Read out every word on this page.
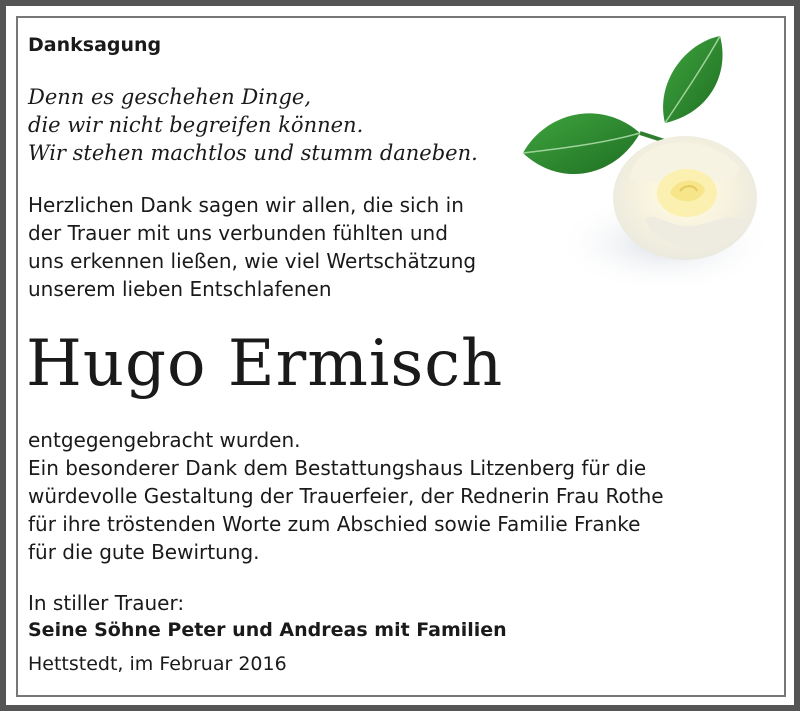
Danksagung
Denn es geschehen Dinge,
die wir nicht begreifen können.
Wir stehen machtlos und stumm daneben.
Herzlichen Dank sagen wir allen, die sich in
der Trauer mit uns verbunden fühlten und
uns erkennen ließen, wie viel Wertschätzung
unserem lieben Entschlafenen
Hugo Ermisch
entgegengebracht wurden.
Ein besonderer Dank dem Bestattungshaus Litzenberg für die
würdevolle Gestaltung der Trauerfeier, der Rednerin Frau Rothe
für ihre tröstenden Worte zum Abschied sowie Familie Franke
für die gute Bewirtung.
In stiller Trauer:
Seine Söhne Peter und Andreas mit Familien
Hettstedt, im Februar 2016
